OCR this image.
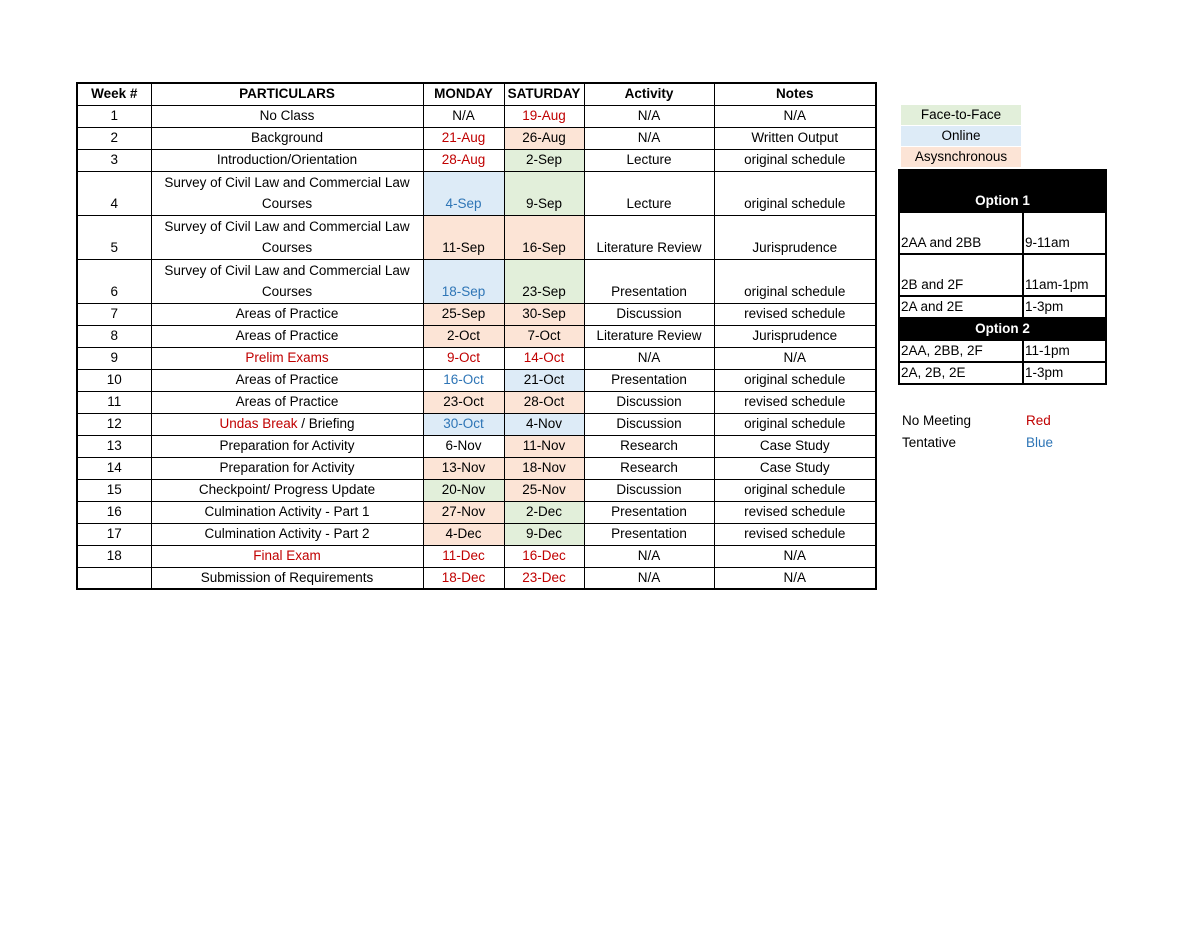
Week #	PARTICULARS	MONDAY	SATURDAY	Activity	Notes
1	No Class	N/A	19-Aug	N/A	N/A
2	Background	21-Aug	26-Aug	N/A	Written Output
3	Introduction/Orientation	28-Aug	2-Sep	Lecture	original schedule
4	Survey of Civil Law and Commercial Law Courses	4-Sep	9-Sep	Lecture	original schedule
5	Survey of Civil Law and Commercial Law Courses	11-Sep	16-Sep	Literature Review	Jurisprudence
6	Survey of Civil Law and Commercial Law Courses	18-Sep	23-Sep	Presentation	original schedule
7	Areas of Practice	25-Sep	30-Sep	Discussion	revised schedule
8	Areas of Practice	2-Oct	7-Oct	Literature Review	Jurisprudence
9	Prelim Exams	9-Oct	14-Oct	N/A	N/A
10	Areas of Practice	16-Oct	21-Oct	Presentation	original schedule
11	Areas of Practice	23-Oct	28-Oct	Discussion	revised schedule
12	Undas Break / Briefing	30-Oct	4-Nov	Discussion	original schedule
13	Preparation for Activity	6-Nov	11-Nov	Research	Case Study
14	Preparation for Activity	13-Nov	18-Nov	Research	Case Study
15	Checkpoint/ Progress Update	20-Nov	25-Nov	Discussion	original schedule
16	Culmination Activity - Part 1	27-Nov	2-Dec	Presentation	revised schedule
17	Culmination Activity - Part 2	4-Dec	9-Dec	Presentation	revised schedule
18	Final Exam	11-Dec	16-Dec	N/A	N/A
	Submission of Requirements	18-Dec	23-Dec	N/A	N/A
Face-to-Face
Online
Asysnchronous
Option 1	
2AA and 2BB	9-11am
2B and 2F	11am-1pm
2A and 2E	1-3pm
Option 2	
2AA, 2BB, 2F	11-1pm
2A, 2B, 2E	1-3pm
No Meeting	Red
Tentative	Blue
